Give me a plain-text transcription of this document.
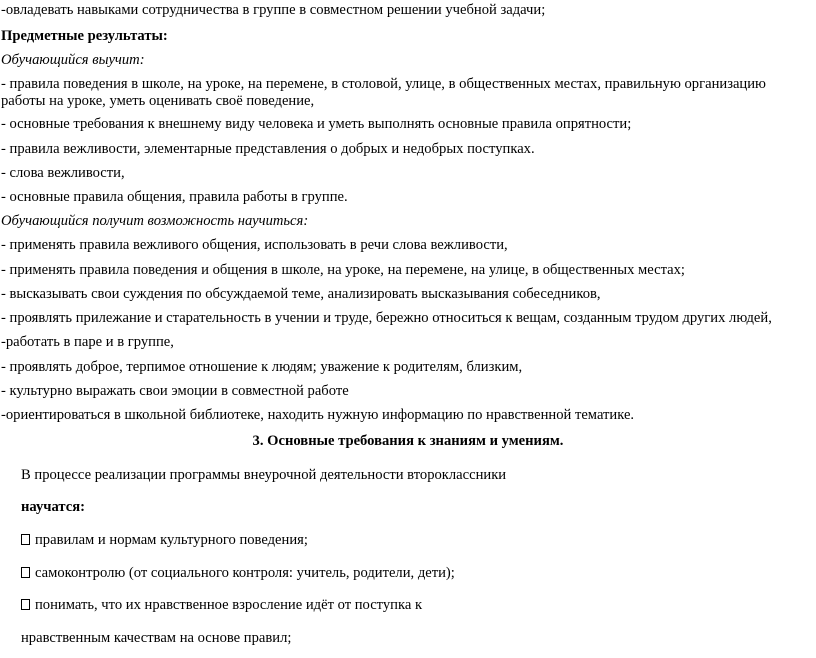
-овладевать навыками сотрудничества в группе в совместном решении учебной задачи;
Предметные результаты:
Обучающийся выучит:
- правила поведения в школе, на уроке, на перемене, в столовой, улице, в общественных местах, правильную организацию работы на уроке, уметь оценивать своё поведение,
- основные требования к внешнему виду человека и уметь выполнять основные правила опрятности;
- правила вежливости, элементарные представления о добрых и недобрых поступках.
- слова вежливости,
- основные правила общения, правила работы в группе.
Обучающийся получит возможность научиться:
- применять правила вежливого общения, использовать в речи слова вежливости,
- применять правила поведения и общения в школе, на уроке, на перемене, на улице, в общественных местах;
- высказывать свои суждения по обсуждаемой теме, анализировать высказывания собеседников,
- проявлять прилежание и старательность в учении и труде, бережно относиться к вещам, созданным трудом других людей,
-работать в паре и в группе,
- проявлять доброе, терпимое отношение к людям; уважение к родителям, близким,
- культурно выражать свои эмоции в совместной работе
-ориентироваться в школьной библиотеке, находить нужную информацию по нравственной тематике.
3. Основные требования к знаниям и умениям.
В процессе реализации программы внеурочной деятельности второклассники
научатся:
правилам и нормам культурного поведения;
самоконтролю (от социального контроля: учитель, родители, дети);
понимать, что их нравственное взросление идёт от поступка к
нравственным качествам на основе правил;
